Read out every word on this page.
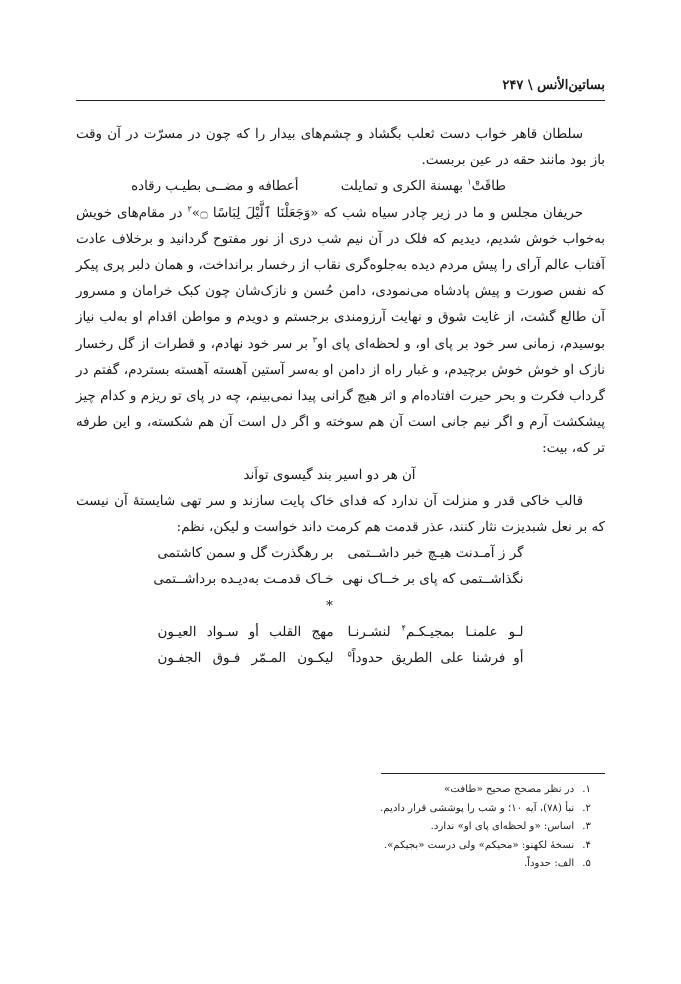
بساتین‌الأنس \ ۲۴۷

سلطان قاهر خواب دست ثعلب بگشاد و چشم‌های بیدار را که چون در مسرّت در آن وقت باز بود مانند حقه در عین بربست.

طاقَتْ$^۱$ بهسنة الکری و تمایلت أعطافه و مضــی بطیـب رقاده

حریفان مجلس و ما در زیر چادر سیاه شب که «وَجَعَلْنَا ٱلَّیْلَ لِبَاسًا ۝»$^۲$ در مقام‌های خویش به‌خواب خوش شدیم، دیدیم که فلک در آن نیم شب دری از نور مفتوح گردانید و برخلاف عادت آفتاب عالم آرای را پیش مردم دیده به‌جلوه‌گری نقاب از رخسار برانداخت، و همان دلبر پری پیکر که نفس صورت و پیش پادشاه می‌نمودی، دامن حُسن و نازک‌شان چون کبک خرامان و مسرور آن طالع گشت، از غایت شوق و نهایت آرزومندی برجستم و دویدم و مواطن اقدام او به‌لب نیاز بوسیدم، زمانی سر خود بر پای او، و لحظه‌ای پای او$^۳$ بر سر خود نهادم، و قطرات از گل رخسار نازک او خوش خوش برچیدم، و غبار راه از دامن او به‌سر آستین آهسته آهسته بستردم، گفتم در گرداب فکرت و بحر حیرت افتاده‌ام و اثر هیچ گرانی پیدا نمی‌بینم، چه در پای تو ریزم و کدام چیز پیشکشت آرم و اگر نیم جانی است آن هم سوخته و اگر دل است آن هم شکسته، و این طرفه تر که، بیت:

آن هر دو اسیر بند گیسوی تواَند

قالب خاکی قدر و منزلت آن ندارد که فدای خاک پایت سازند و سر تهی شایستهٔ آن نیست که بر نعل شبدیزت نثار کنند، عذر قدمت هم کرمت داند خواست و لیکن، نظم:

گر ز آمـدنت هیـچ خبر داشــتمی
بر رهگذرت گل و سمن کاشتمی
نگذاشــتمی که پای بر خــاک نهی
خـاک قدمـت به‌دیـده برداشــتمی

*

لـو علمنـا بمجیـکـم$^۴$ لنشـرنـا
مهج القلب أو سـواد العیـون
أو فرشنا علی الطریق حدوداً$^۵$
لیکـون المـمّر فـوق الجفـون
۱.در نظر مصحح صحیح «طافت»
۲.نبأ (۷۸)، آیه ۱۰؛ و شب را پوششی قرار دادیم.
۳.اساس: «و لحظه‌ای پای او» ندارد.
۴.نسخهٔ لکهنو: «محیکم» ولی درست «بجیکم».
۵.الف: حدوداً.
